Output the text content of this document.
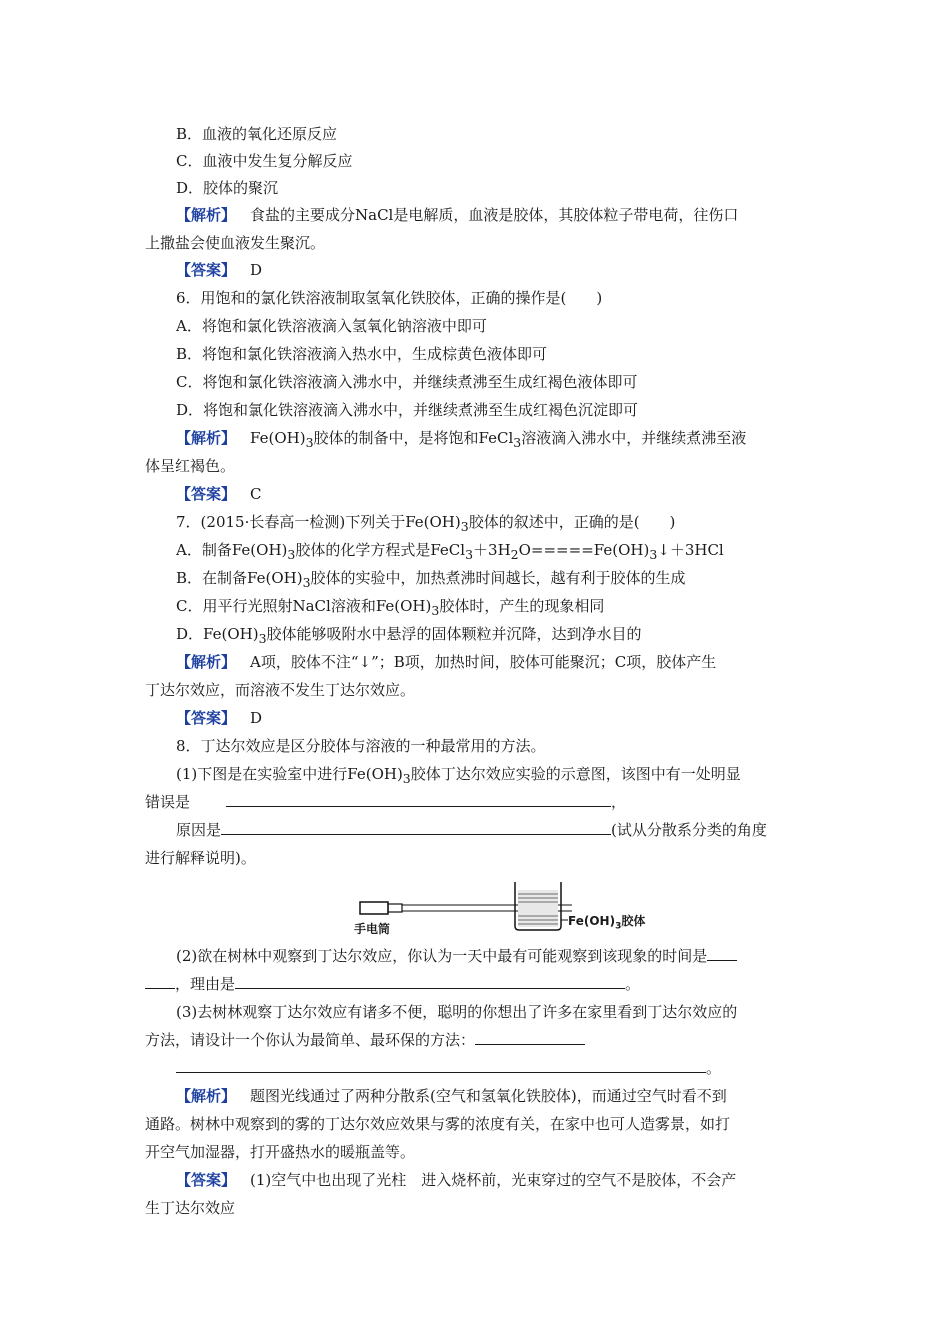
B．血液的氧化还原反应
C．血液中发生复分解反应
D．胶体的聚沉
【解析】 食盐的主要成分NaCl是电解质，血液是胶体，其胶体粒子带电荷，往伤口
上撒盐会使血液发生聚沉。
【答案】 D
6．用饱和的氯化铁溶液制取氢氧化铁胶体，正确的操作是(　　)
A．将饱和氯化铁溶液滴入氢氧化钠溶液中即可
B．将饱和氯化铁溶液滴入热水中，生成棕黄色液体即可
C．将饱和氯化铁溶液滴入沸水中，并继续煮沸至生成红褐色液体即可
D．将饱和氯化铁溶液滴入沸水中，并继续煮沸至生成红褐色沉淀即可
【解析】 $Fe(OH)_3$胶体的制备中，是将饱和FeCl$_3$溶液滴入沸水中，并继续煮沸至液
体呈红褐色。
【答案】 C
7．(2015·长春高一检测)下列关于$Fe(OH)_3$胶体的叙述中，正确的是(　　)
A．制备$Fe(OH)_3$胶体的化学方程式是$FeCl_3+3H_2O=====Fe(OH)_3↓+3HCl$
B．在制备$Fe(OH)_3$胶体的实验中，加热煮沸时间越长，越有利于胶体的生成
C．用平行光照射NaCl溶液和$Fe(OH)_3$胶体时，产生的现象相同
D．$Fe(OH)_3$胶体能够吸附水中悬浮的固体颗粒并沉降，达到净水目的
【解析】 A项，胶体不注“↓”；B项，加热时间，胶体可能聚沉；C项，胶体产生
丁达尔效应，而溶液不发生丁达尔效应。
【答案】 D
8．丁达尔效应是区分胶体与溶液的一种最常用的方法。
(1)下图是在实验室中进行$Fe(OH)_3$胶体丁达尔效应实验的示意图，该图中有一处明显
错误是	，
原因是	(试从分散系分类的角度
进行解释说明)。
手电筒
$Fe(OH)_3$胶体
(2)欲在树林中观察到丁达尔效应，你认为一天中最有可能观察到该现象的时间是
，理由是	。
(3)去树林观察丁达尔效应有诸多不便，聪明的你想出了许多在家里看到丁达尔效应的
方法，请设计一个你认为最简单、最环保的方法：
。
【解析】 题图光线通过了两种分散系(空气和氢氧化铁胶体)，而通过空气时看不到
通路。树林中观察到的雾的丁达尔效应效果与雾的浓度有关，在家中也可人造雾景，如打
开空气加湿器，打开盛热水的暖瓶盖等。
【答案】 (1)空气中也出现了光柱　进入烧杯前，光束穿过的空气不是胶体，不会产
生丁达尔效应
